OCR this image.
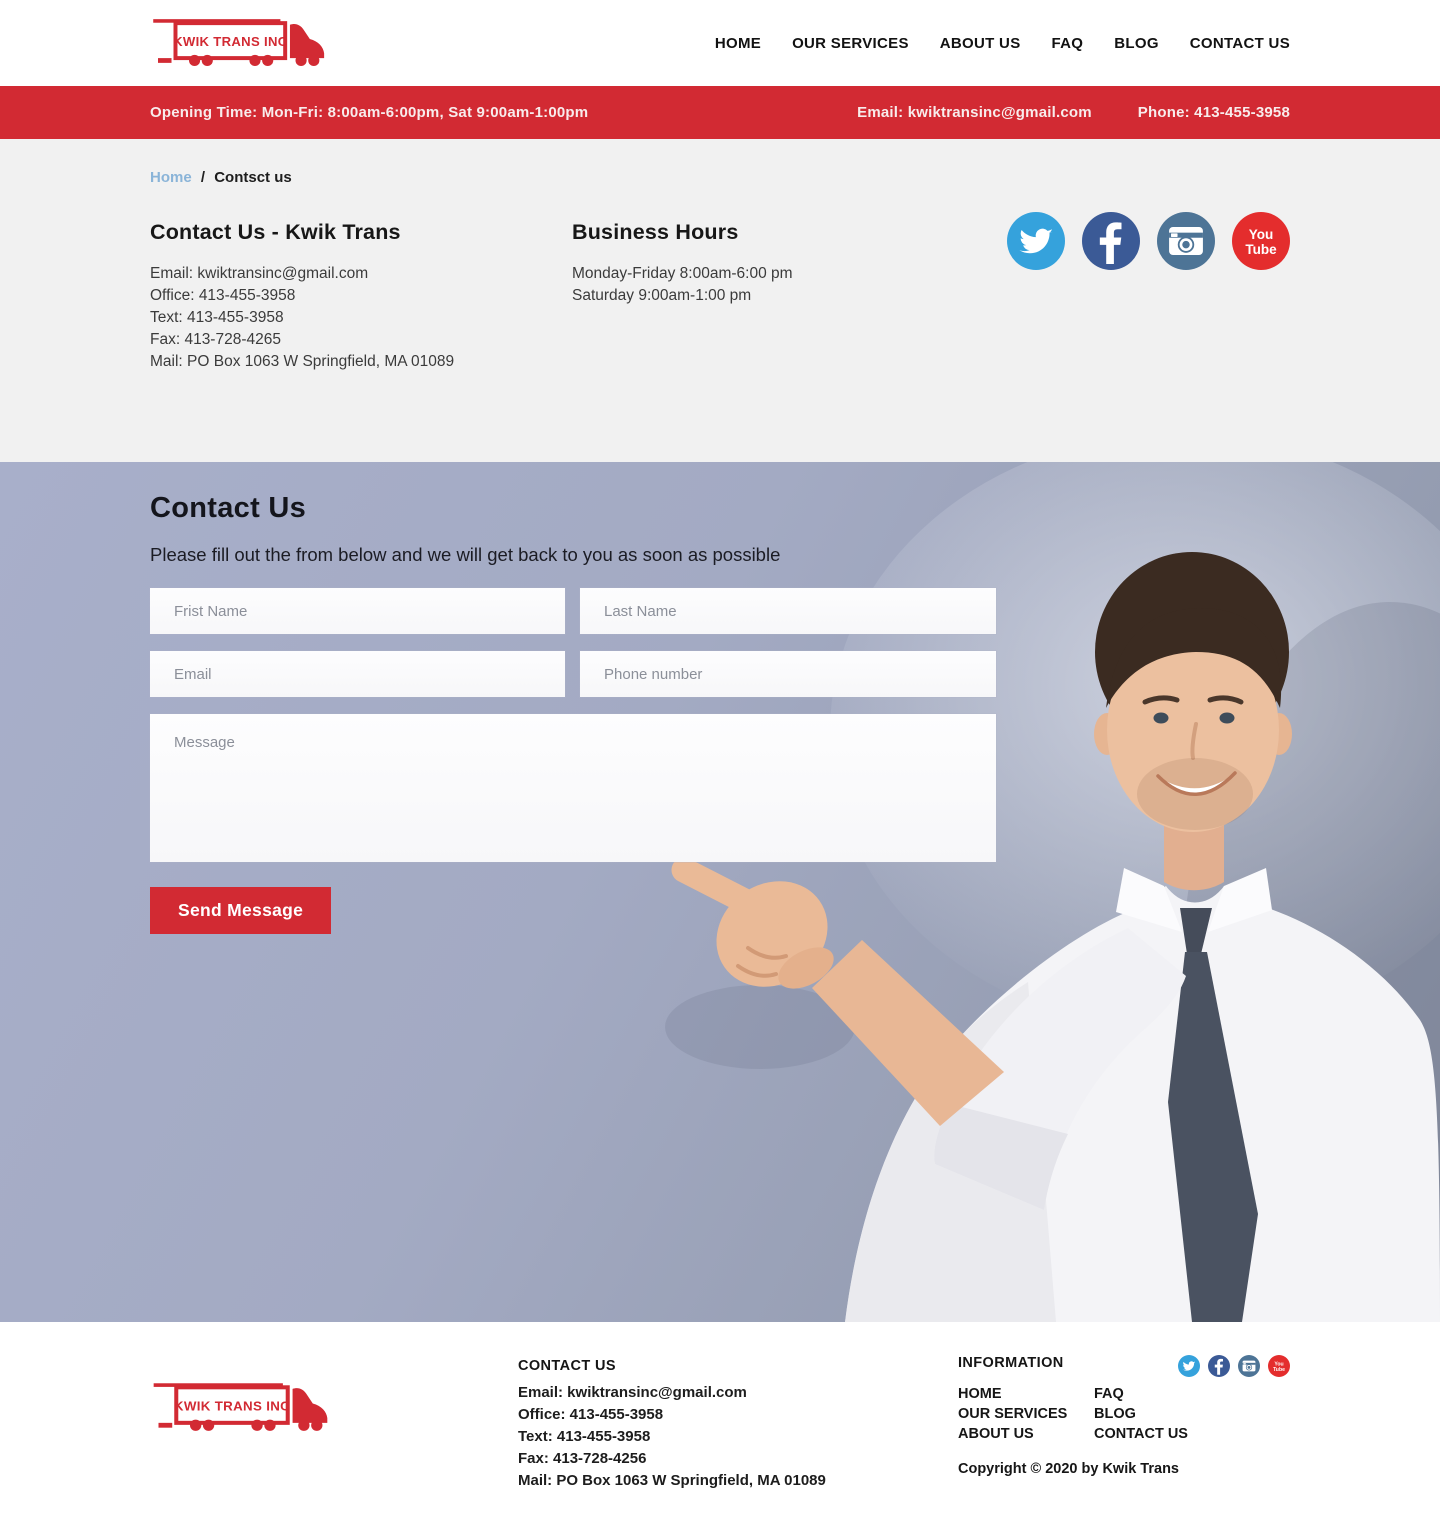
KWIK TRANS INC	HOME OUR SERVICES ABOUT US FAQ BLOG CONTACT US
Opening Time: Mon-Fri: 8:00am-6:00pm, Sat 9:00am-1:00pm	Email: kwiktransinc@gmail.com	Phone: 413-455-3958
Home / Contsct us
Contact Us - Kwik Trans

Email: kwiktransinc@gmail.com

Office: 413-455-3958

Text: 413-455-3958

Fax: 413-728-4265

Mail: PO Box 1063 W Springfield, MA 01089

Business Hours

Monday-Friday 8:00am-6:00 pm

Saturday 9:00am-1:00 pm

You
Tube
Contact Us

Please fill out the from below and we will get back to you as soon as possible

Frist Name
Last Name
Email
Phone number
Message Send Message
KWIK TRANS INC
CONTACT US

Email: kwiktransinc@gmail.com

Office: 413-455-3958

Text: 413-455-3958

Fax: 413-728-4256

Mail: PO Box 1063 W Springfield, MA 01089

INFORMATION	You
Tube
HOME
OUR SERVICES
ABOUT US
FAQ
BLOG
CONTACT US
Copyright © 2020 by Kwik Trans
